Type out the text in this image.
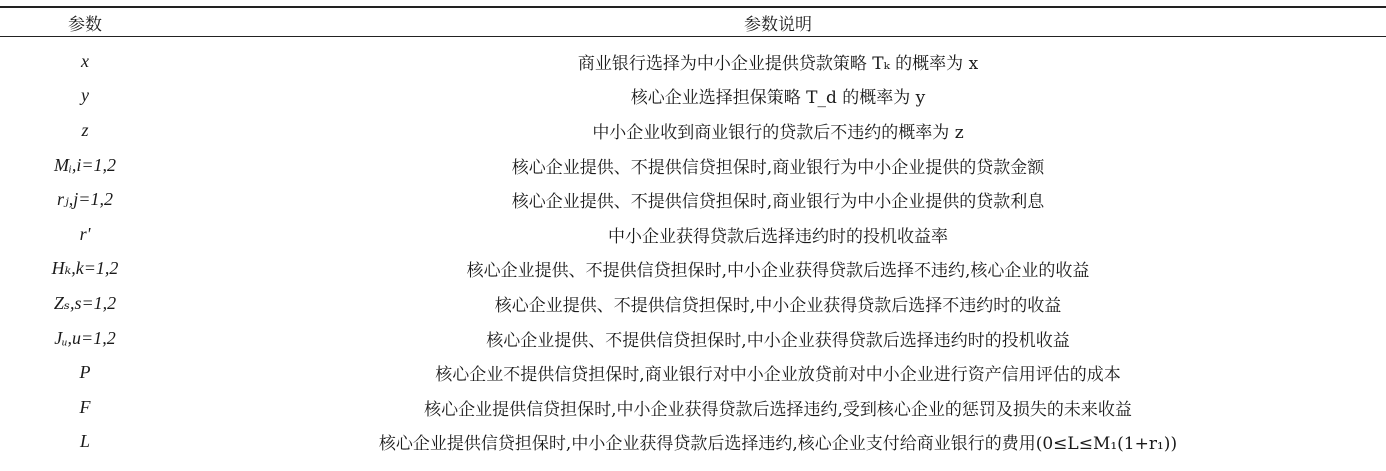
参数	参数说明
x	商业银行选择为中小企业提供贷款策略 Tₖ 的概率为 x
y	核心企业选择担保策略 T_d 的概率为 y
z	中小企业收到商业银行的贷款后不违约的概率为 z
Mᵢ,i=1,2	核心企业提供、不提供信贷担保时,商业银行为中小企业提供的贷款金额
rⱼ,j=1,2	核心企业提供、不提供信贷担保时,商业银行为中小企业提供的贷款利息
r'	中小企业获得贷款后选择违约时的投机收益率
Hₖ,k=1,2	核心企业提供、不提供信贷担保时,中小企业获得贷款后选择不违约,核心企业的收益
Zₛ,s=1,2	核心企业提供、不提供信贷担保时,中小企业获得贷款后选择不违约时的收益
Jᵤ,u=1,2	核心企业提供、不提供信贷担保时,中小企业获得贷款后选择违约时的投机收益
P	核心企业不提供信贷担保时,商业银行对中小企业放贷前对中小企业进行资产信用评估的成本
F	核心企业提供信贷担保时,中小企业获得贷款后选择违约,受到核心企业的惩罚及损失的未来收益
L	核心企业提供信贷担保时,中小企业获得贷款后选择违约,核心企业支付给商业银行的费用(0≤L≤M₁(1+r₁))
